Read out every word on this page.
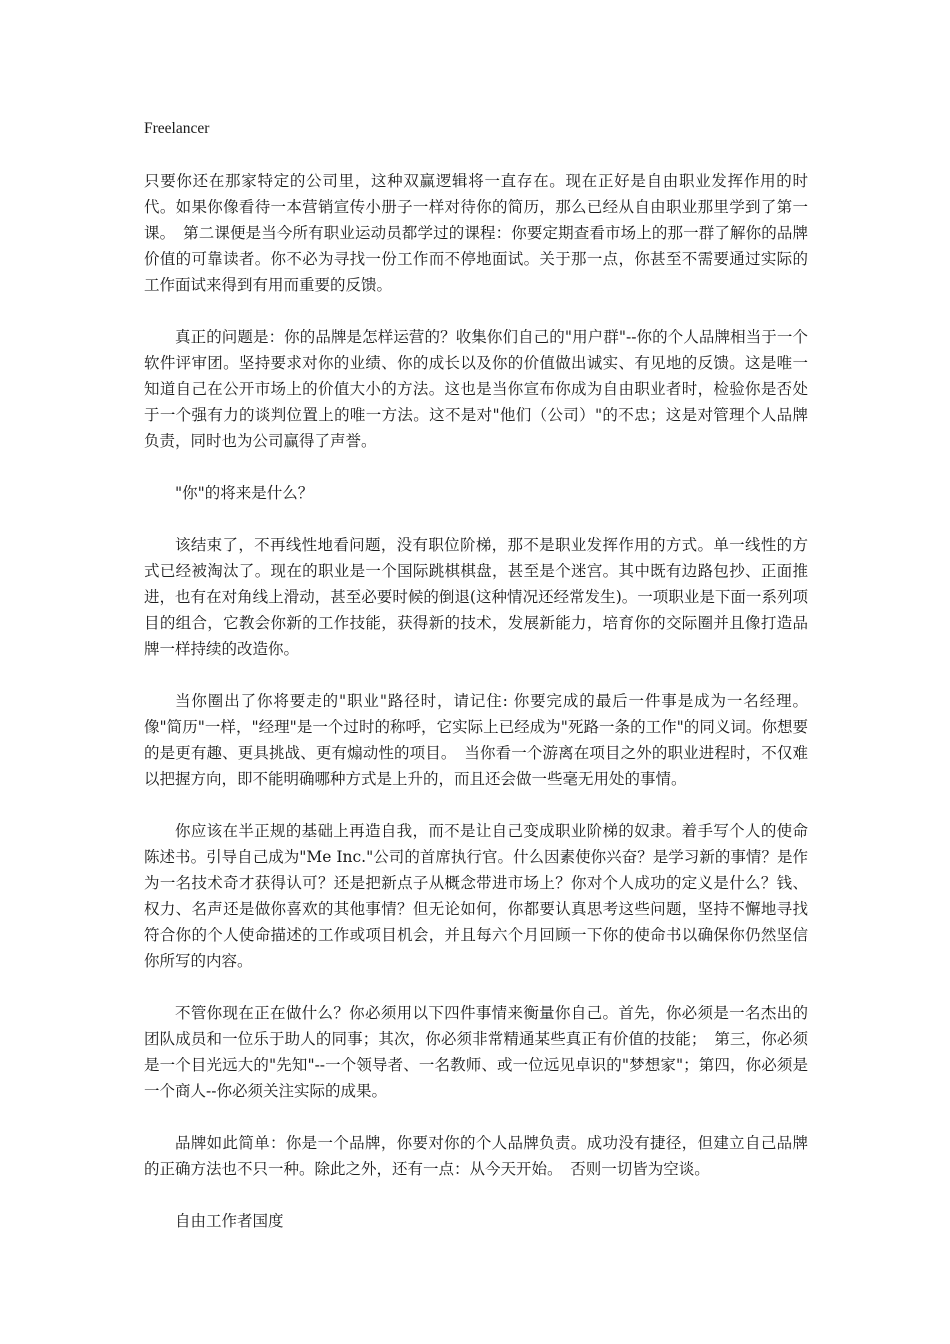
Freelancer

只要你还在那家特定的公司里，这种双赢逻辑将一直存在。现在正好是自由职业发挥作用的时代。如果你像看待一本营销宣传小册子一样对待你的简历，那么已经从自由职业那里学到了第一课。　第二课便是当今所有职业运动员都学过的课程：你要定期查看市场上的那一群了解你的品牌价值的可靠读者。你不必为寻找一份工作而不停地面试。关于那一点，你甚至不需要通过实际的工作面试来得到有用而重要的反馈。

真正的问题是：你的品牌是怎样运营的？收集你们自己的"用户群"--你的个人品牌相当于一个软件评审团。坚持要求对你的业绩、你的成长以及你的价值做出诚实、有见地的反馈。这是唯一知道自己在公开市场上的价值大小的方法。这也是当你宣布你成为自由职业者时，检验你是否处于一个强有力的谈判位置上的唯一方法。这不是对"他们（公司）"的不忠；这是对管理个人品牌负责，同时也为公司赢得了声誉。

"你"的将来是什么？

该结束了，不再线性地看问题，没有职位阶梯，那不是职业发挥作用的方式。单一线性的方式已经被淘汰了。现在的职业是一个国际跳棋棋盘，甚至是个迷宫。其中既有边路包抄、正面推进，也有在对角线上滑动，甚至必要时候的倒退(这种情况还经常发生)。一项职业是下面一系列项目的组合，它教会你新的工作技能，获得新的技术，发展新能力，培育你的交际圈并且像打造品牌一样持续的改造你。

当你圈出了你将要走的"职业"路径时，请记住: 你要完成的最后一件事是成为一名经理。 像"简历"一样，"经理"是一个过时的称呼，它实际上已经成为"死路一条的工作"的同义词。你想要的是更有趣、更具挑战、更有煽动性的项目。　当你看一个游离在项目之外的职业进程时，不仅难以把握方向，即不能明确哪种方式是上升的，而且还会做一些毫无用处的事情。

你应该在半正规的基础上再造自我，而不是让自己变成职业阶梯的奴隶。着手写个人的使命陈述书。引导自己成为"Me Inc."公司的首席执行官。什么因素使你兴奋？是学习新的事情？是作为一名技术奇才获得认可？还是把新点子从概念带进市场上？你对个人成功的定义是什么？钱、权力、名声还是做你喜欢的其他事情？但无论如何，你都要认真思考这些问题，坚持不懈地寻找符合你的个人使命描述的工作或项目机会，并且每六个月回顾一下你的使命书以确保你仍然坚信你所写的内容。

不管你现在正在做什么？你必须用以下四件事情来衡量你自己。首先，你必须是一名杰出的团队成员和一位乐于助人的同事；其次，你必须非常精通某些真正有价值的技能；　第三，你必须是一个目光远大的"先知"--一个领导者、一名教师、或一位远见卓识的"梦想家"；第四，你必须是一个商人--你必须关注实际的成果。

品牌如此简单：你是一个品牌，你要对你的个人品牌负责。成功没有捷径，但建立自己品牌的正确方法也不只一种。除此之外，还有一点：从今天开始。　否则一切皆为空谈。

自由工作者国度
